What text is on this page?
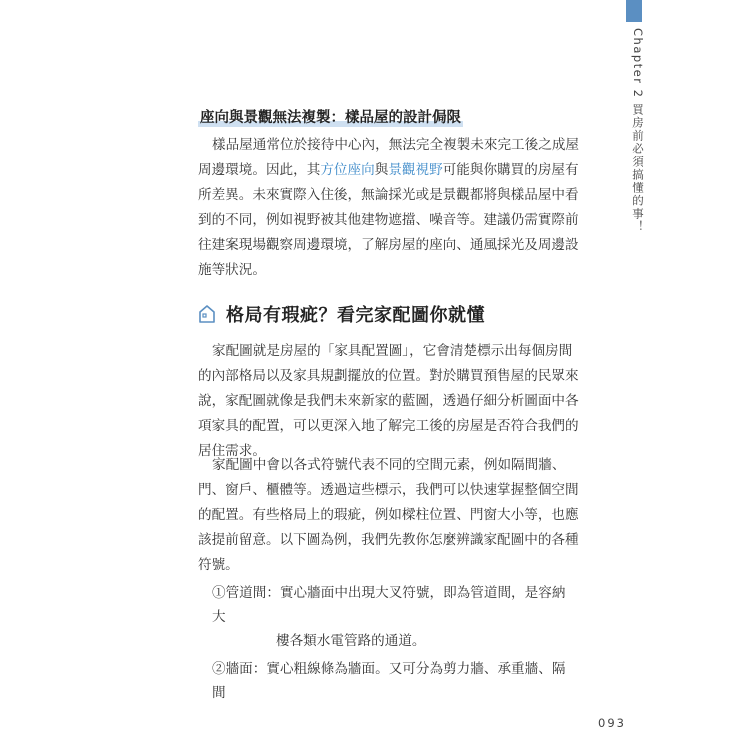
Chapter 2 買房前必須搞懂的事！
座向與景觀無法複製：樣品屋的設計侷限

樣品屋通常位於接待中心內，無法完全複製未來完工後之成屋
周邊環境。因此，其方位座向與景觀視野可能與你購買的房屋有
所差異。未來實際入住後，無論採光或是景觀都將與樣品屋中看
到的不同，例如視野被其他建物遮擋、噪音等。建議仍需實際前
往建案現場觀察周邊環境，了解房屋的座向、通風採光及周邊設
施等狀況。

格局有瑕疵？看完家配圖你就懂

家配圖就是房屋的「家具配置圖」，它會清楚標示出每個房間
的內部格局以及家具規劃擺放的位置。對於購買預售屋的民眾來
說，家配圖就像是我們未來新家的藍圖，透過仔細分析圖面中各
項家具的配置，可以更深入地了解完工後的房屋是否符合我們的
居住需求。

家配圖中會以各式符號代表不同的空間元素，例如隔間牆、
門、窗戶、櫃體等。透過這些標示，我們可以快速掌握整個空間
的配置。有些格局上的瑕疵，例如樑柱位置、門窗大小等，也應
該提前留意。以下圖為例，我們先教你怎麼辨識家配圖中的各種
符號。

①管道間：實心牆面中出現大叉符號，即為管道間，是容納大
樓各類水電管路的通道。
②牆面：實心粗線條為牆面。又可分為剪力牆、承重牆、隔間
093
